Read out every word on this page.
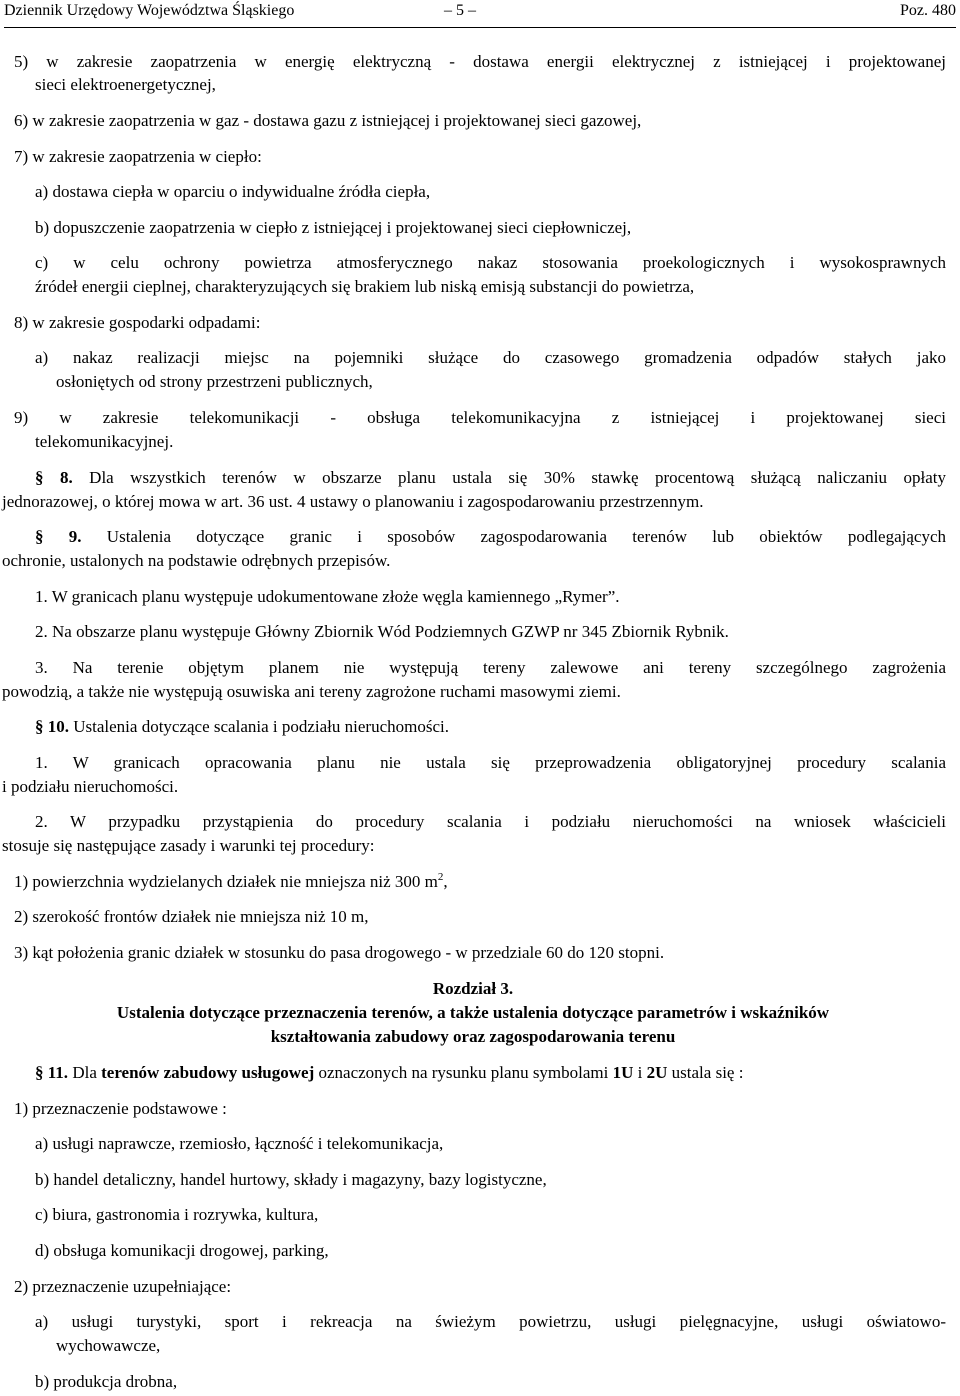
Dziennik Urzędowy Województwa Śląskiego	– 5 –	Poz. 480
5) w zakresie zaopatrzenia w energię elektryczną - dostawa energii elektrycznej z istniejącej i projektowanej
sieci elektroenergetycznej,
6) w zakresie zaopatrzenia w gaz - dostawa gazu z istniejącej i projektowanej sieci gazowej,
7) w zakresie zaopatrzenia w ciepło:
a) dostawa ciepła w oparciu o indywidualne źródła ciepła,
b) dopuszczenie zaopatrzenia w ciepło z istniejącej i projektowanej sieci ciepłowniczej,
c) w celu ochrony powietrza atmosferycznego nakaz stosowania proekologicznych i wysokosprawnych
źródeł energii cieplnej, charakteryzujących się brakiem lub niską emisją substancji do powietrza,
8) w zakresie gospodarki odpadami:
a) nakaz realizacji miejsc na pojemniki służące do czasowego gromadzenia odpadów stałych jako
osłoniętych od strony przestrzeni publicznych,
9) w zakresie telekomunikacji - obsługa telekomunikacyjna z istniejącej i projektowanej sieci
telekomunikacyjnej.
§ 8. Dla wszystkich terenów w obszarze planu ustala się 30% stawkę procentową służącą naliczaniu opłaty
jednorazowej, o której mowa w art. 36 ust. 4 ustawy o planowaniu i zagospodarowaniu przestrzennym.
§ 9. Ustalenia dotyczące granic i sposobów zagospodarowania terenów lub obiektów podlegających
ochronie, ustalonych na podstawie odrębnych przepisów.
1. W granicach planu występuje udokumentowane złoże węgla kamiennego „Rymer”.
2. Na obszarze planu występuje Główny Zbiornik Wód Podziemnych GZWP nr 345 Zbiornik Rybnik.
3. Na terenie objętym planem nie występują tereny zalewowe ani tereny szczególnego zagrożenia
powodzią, a także nie występują osuwiska ani tereny zagrożone ruchami masowymi ziemi.
§ 10. Ustalenia dotyczące scalania i podziału nieruchomości.
1. W granicach opracowania planu nie ustala się przeprowadzenia obligatoryjnej procedury scalania
i podziału nieruchomości.
2. W przypadku przystąpienia do procedury scalania i podziału nieruchomości na wniosek właścicieli
stosuje się następujące zasady i warunki tej procedury:
1) powierzchnia wydzielanych działek nie mniejsza niż 300 $m^2$,
2) szerokość frontów działek nie mniejsza niż 10 m,
3) kąt położenia granic działek w stosunku do pasa drogowego - w przedziale 60 do 120 stopni.
Rozdział 3.
Ustalenia dotyczące przeznaczenia terenów, a także ustalenia dotyczące parametrów i wskaźników
kształtowania zabudowy oraz zagospodarowania terenu
§ 11. Dla terenów zabudowy usługowej oznaczonych na rysunku planu symbolami 1U i 2U ustala się :
1) przeznaczenie podstawowe :
a) usługi naprawcze, rzemiosło, łączność i telekomunikacja,
b) handel detaliczny, handel hurtowy, składy i magazyny, bazy logistyczne,
c) biura, gastronomia i rozrywka, kultura,
d) obsługa komunikacji drogowej, parking,
2) przeznaczenie uzupełniające:
a) usługi turystyki, sport i rekreacja na świeżym powietrzu, usługi pielęgnacyjne, usługi oświatowo-
wychowawcze,
b) produkcja drobna,
